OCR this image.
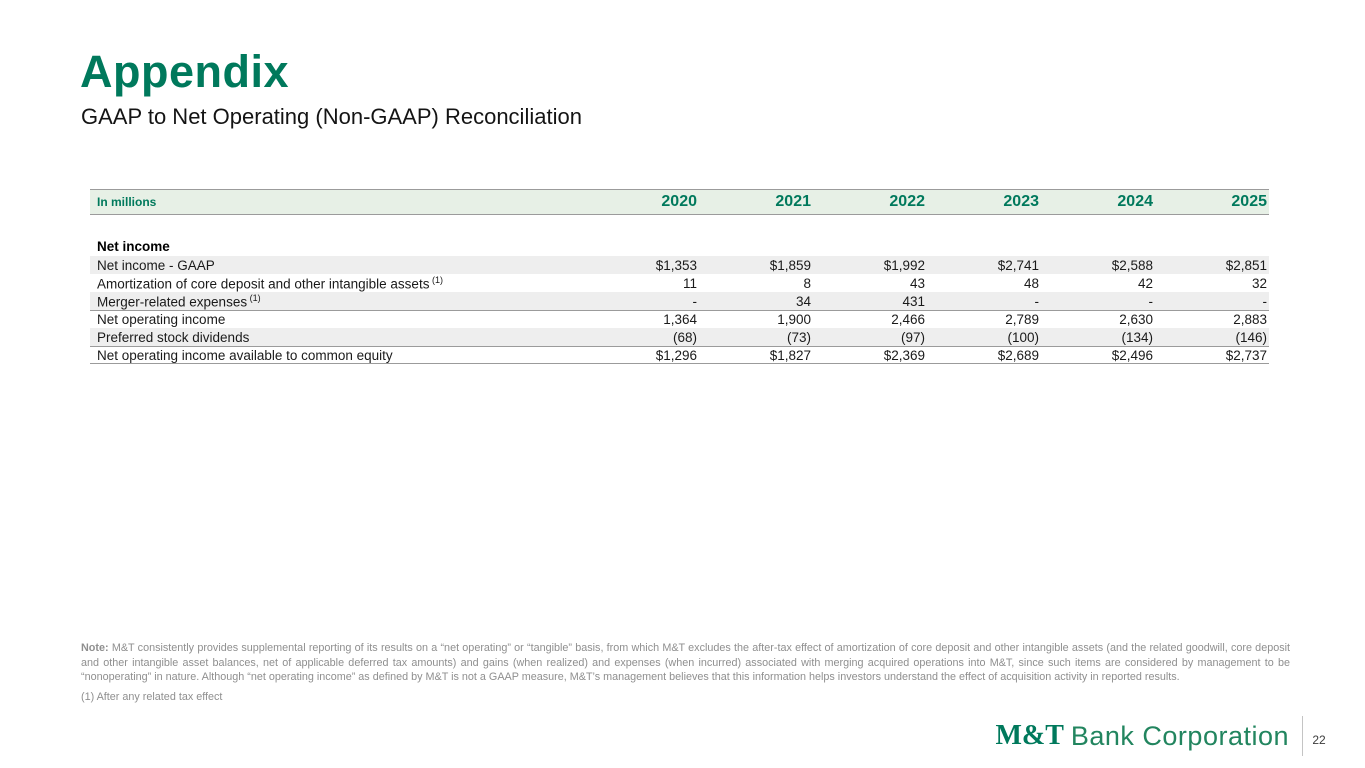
Appendix
GAAP to Net Operating (Non-GAAP) Reconciliation
In millions	2020	2021	2022	2023	2024	2025
Net income
Net income - GAAP	$1,353	$1,859	$1,992	$2,741	$2,588	$2,851
Amortization of core deposit and other intangible assets $^{(1)}$	11	8	43	48	42	32
Merger-related expenses $^{(1)}$	-	34	431	-	-	-
Net operating income	1,364	1,900	2,466	2,789	2,630	2,883
Preferred stock dividends	(68)	(73)	(97)	(100)	(134)	(146)
Net operating income available to common equity	$1,296	$1,827	$2,369	$2,689	$2,496	$2,737
Note: M&T consistently provides supplemental reporting of its results on a “net operating” or “tangible” basis, from which M&T excludes the after-tax effect of amortization of core deposit and other intangible assets (and the related goodwill, core deposit and other intangible asset balances, net of applicable deferred tax amounts) and gains (when realized) and expenses (when incurred) associated with merging acquired operations into M&T, since such items are considered by management to be “nonoperating” in nature. Although “net operating income” as defined by M&T is not a GAAP measure, M&T’s management believes that this information helps investors understand the effect of acquisition activity in reported results.
(1) After any related tax effect
M&T Bank Corporation	22
